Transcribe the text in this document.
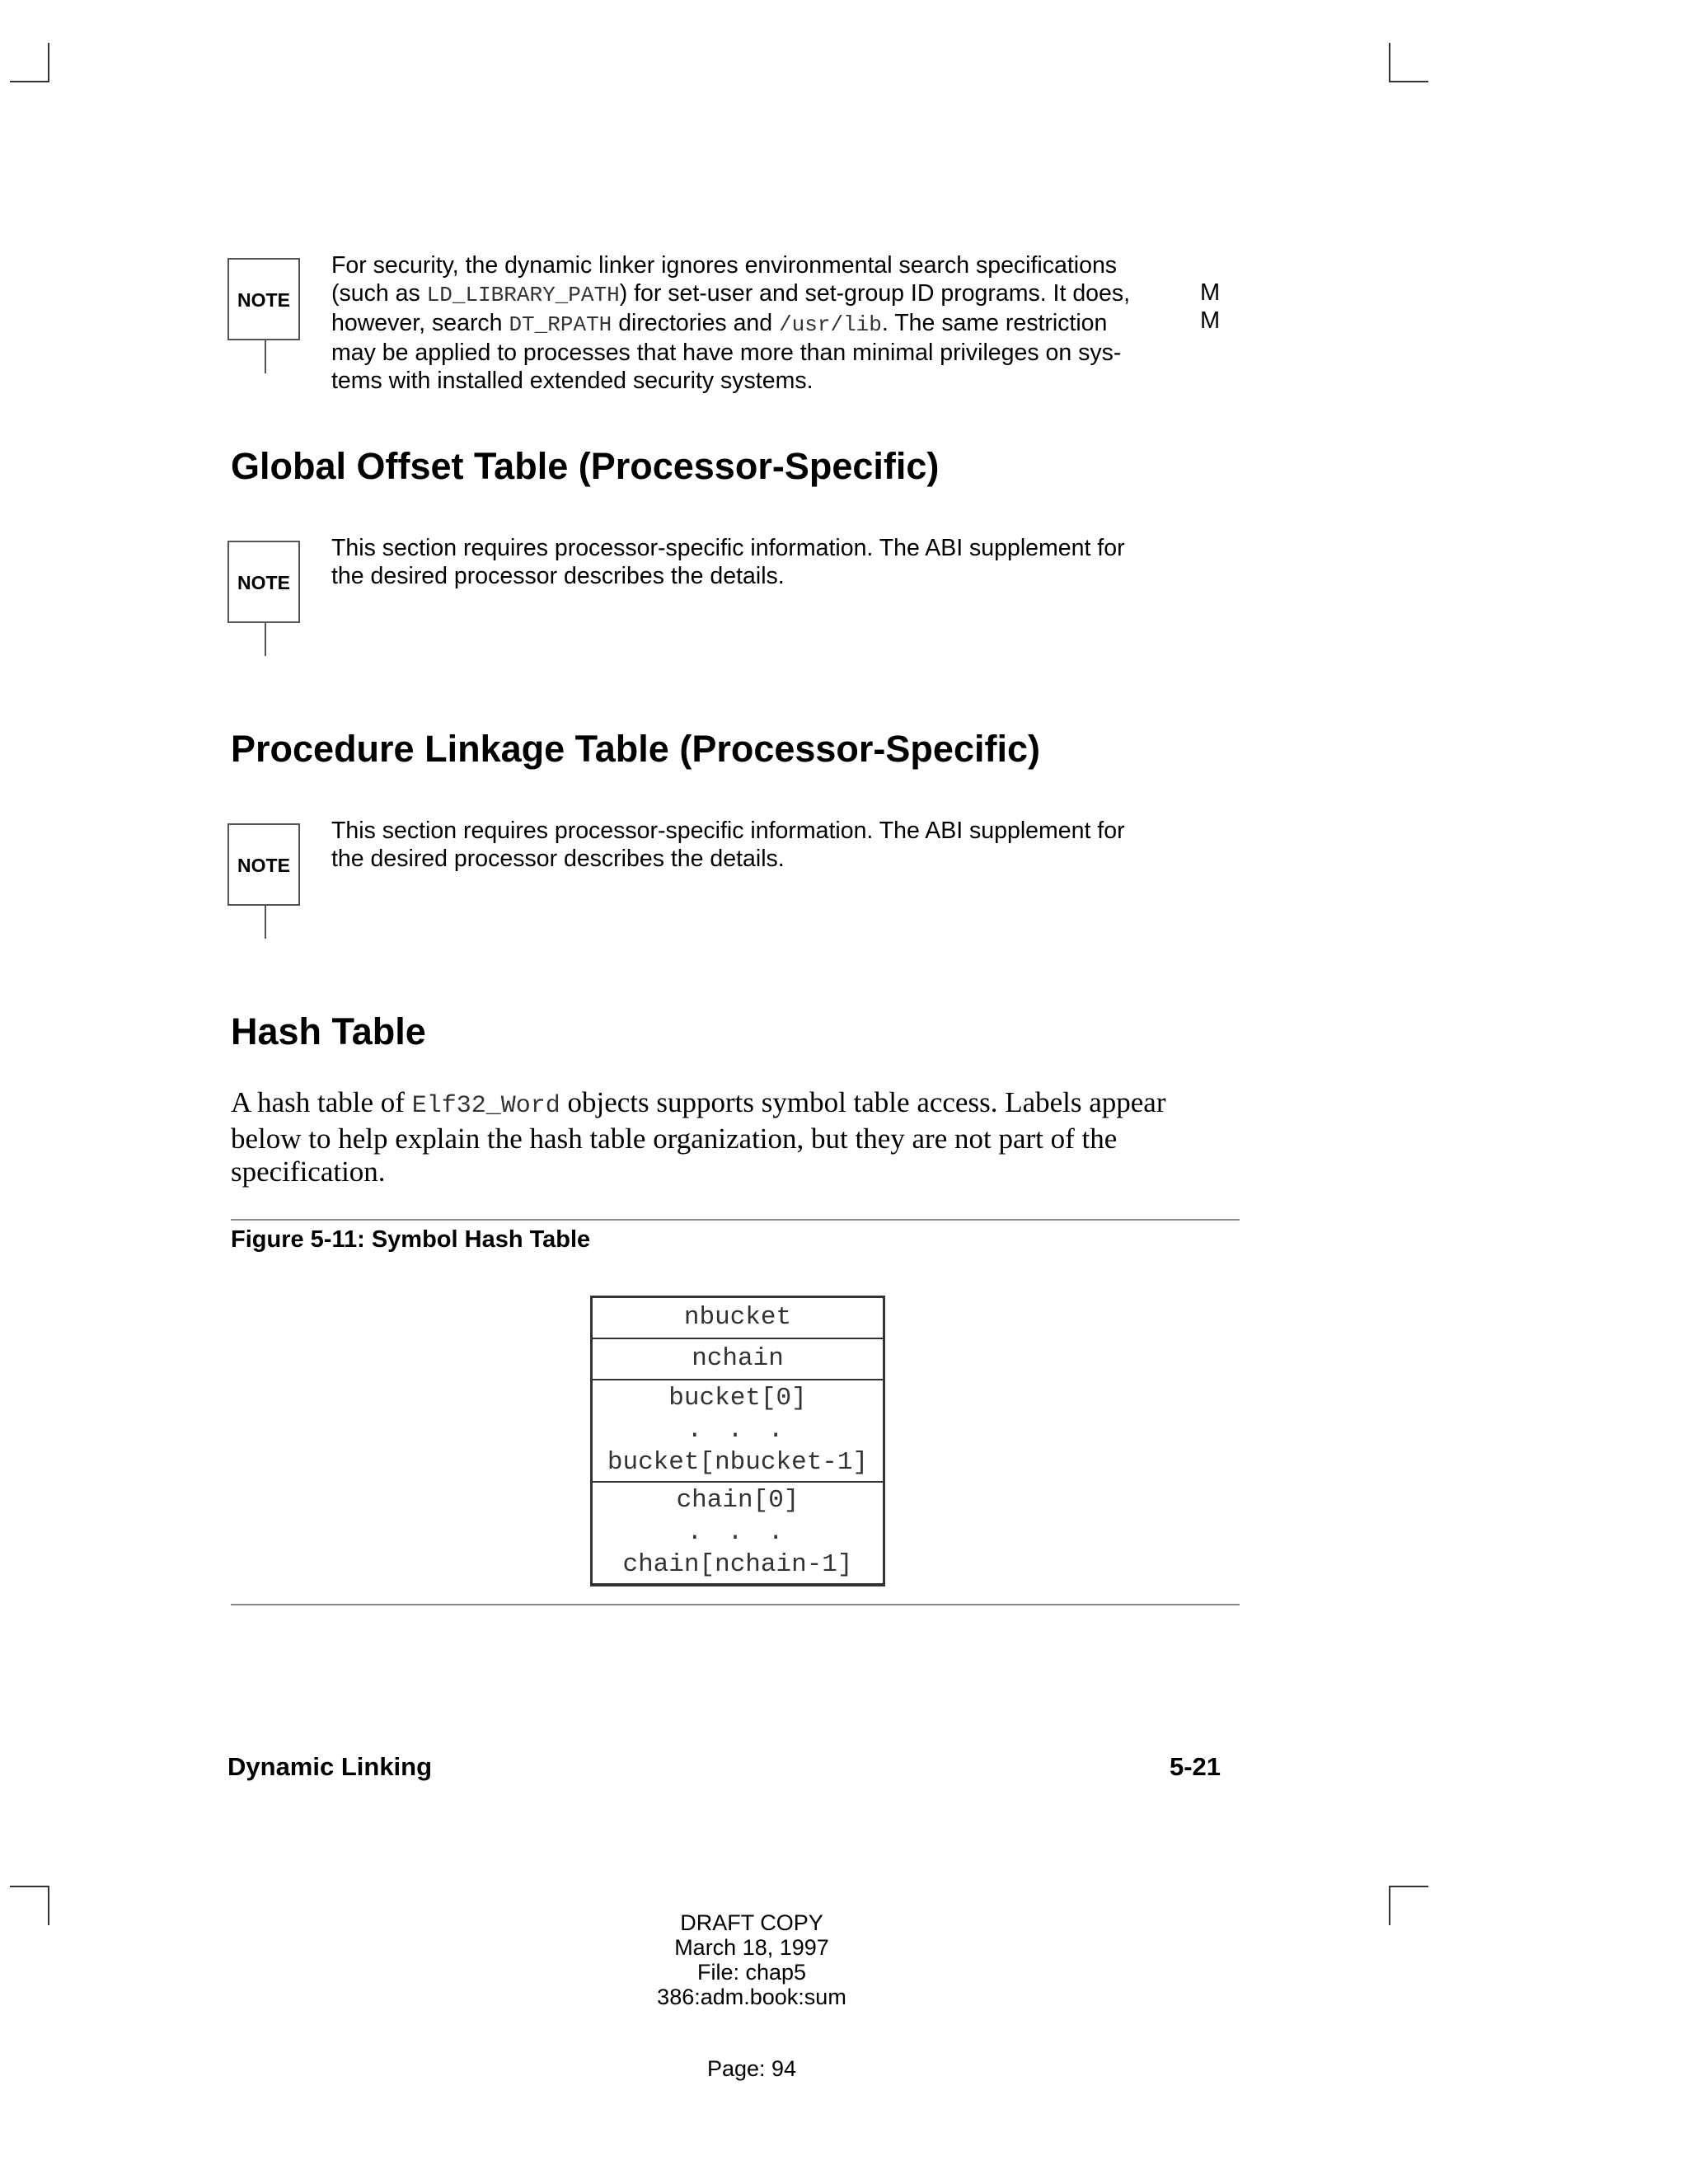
NOTE
For security, the dynamic linker ignores environmental search specifications
(such as LD_LIBRARY_PATH) for set-user and set-group ID programs. It does,
however, search DT_RPATH directories and /usr/lib. The same restriction
may be applied to processes that have more than minimal privileges on sys-
tems with installed extended security systems.
M
M
Global Offset Table (Processor-Specific)
NOTE
This section requires processor-specific information. The ABI supplement for
the desired processor describes the details.
Procedure Linkage Table (Processor-Specific)
NOTE
This section requires processor-specific information. The ABI supplement for
the desired processor describes the details.
Hash Table
A hash table of Elf32_Word objects supports symbol table access. Labels appear below to help explain the hash table organization, but they are not part of the specification.
Figure 5-11: Symbol Hash Table
nbucket
nchain
bucket[0]
. . .
bucket[nbucket-1]
chain[0]
. . .
chain[nchain-1]
Dynamic Linking	5-21
DRAFT COPY
March 18, 1997
File: chap5
386:adm.book:sum
Page: 94
